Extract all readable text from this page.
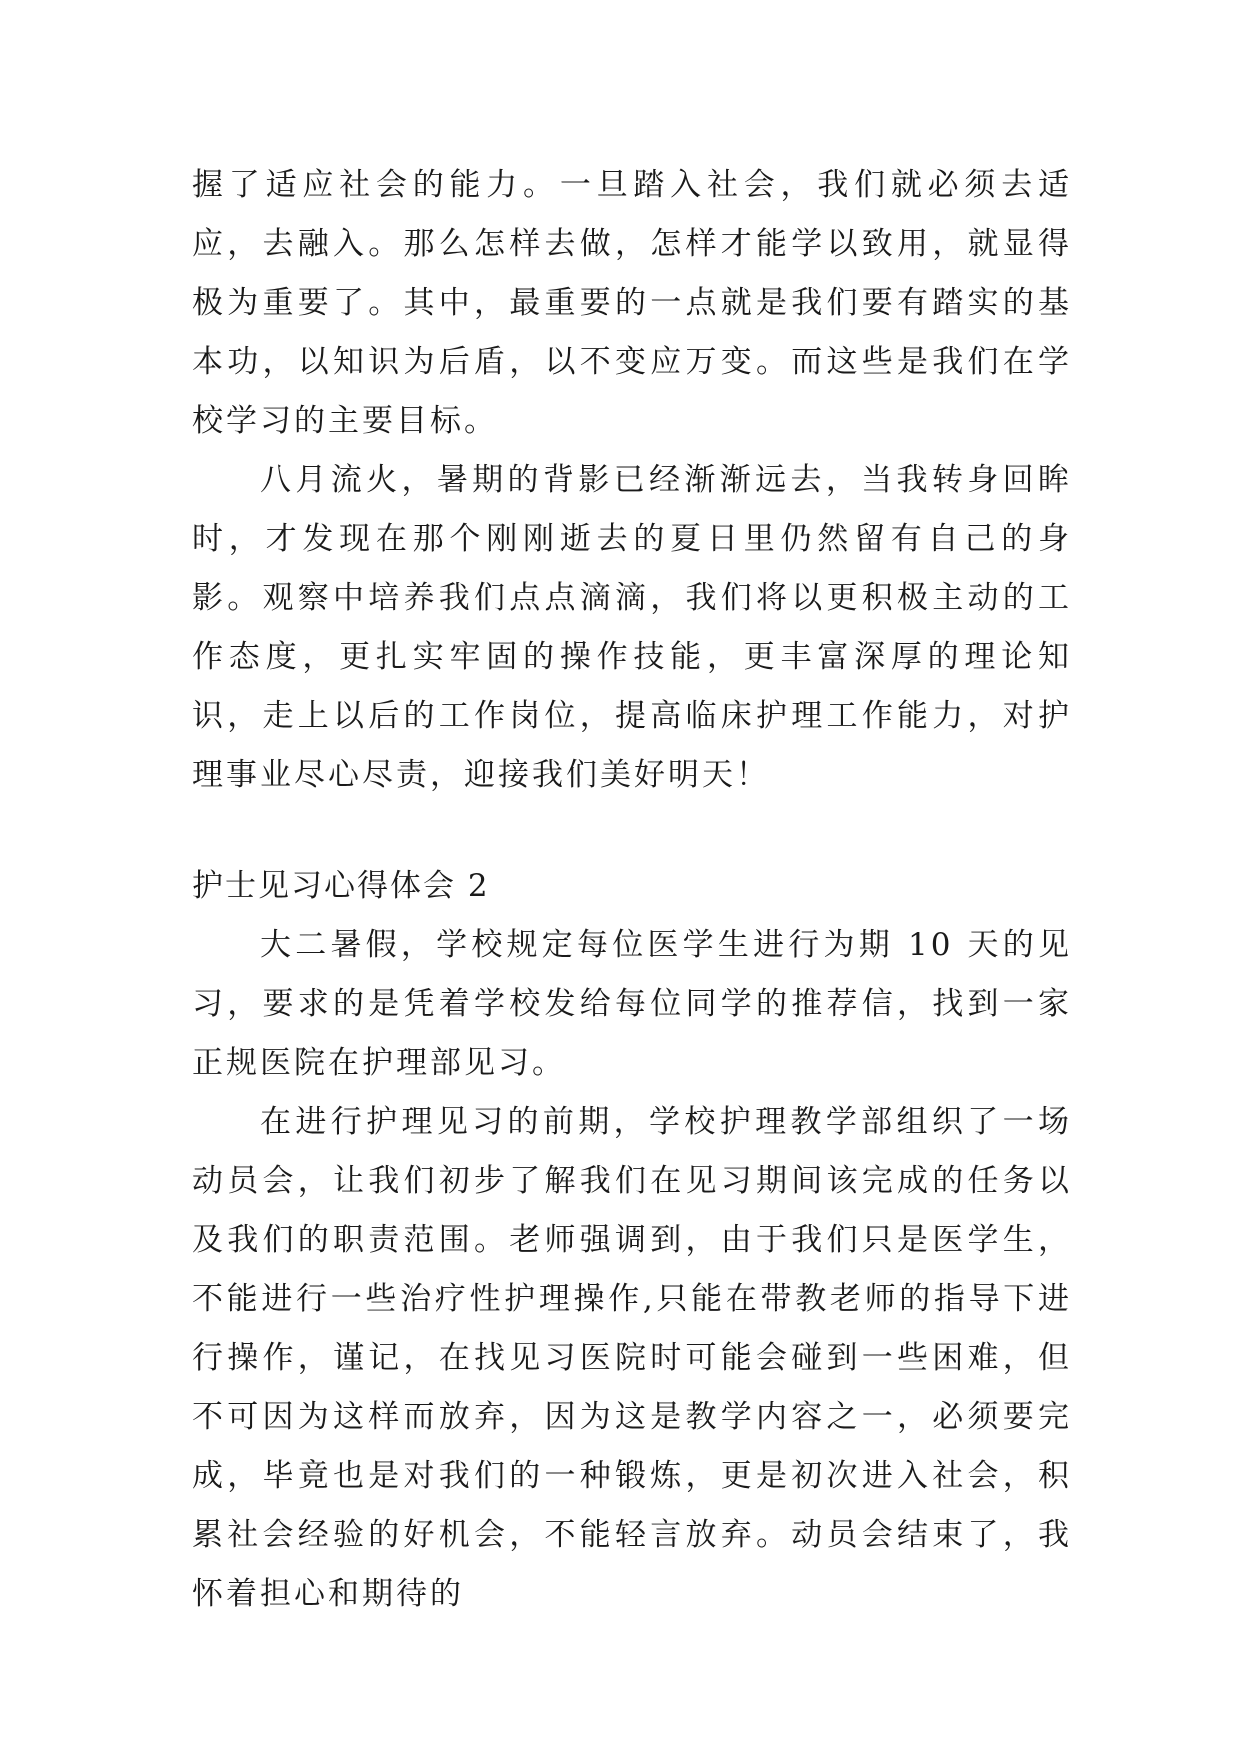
握了适应社会的能力。一旦踏入社会，我们就必须去适应，去融入。那么怎样去做，怎样才能学以致用，就显得极为重要了。其中，最重要的一点就是我们要有踏实的基本功，以知识为后盾，以不变应万变。而这些是我们在学校学习的主要目标。

八月流火，暑期的背影已经渐渐远去，当我转身回眸时，才发现在那个刚刚逝去的夏日里仍然留有自己的身影。观察中培养我们点点滴滴，我们将以更积极主动的工作态度，更扎实牢固的操作技能，更丰富深厚的理论知识，走上以后的工作岗位，提高临床护理工作能力，对护理事业尽心尽责，迎接我们美好明天！

护士见习心得体会 2

大二暑假，学校规定每位医学生进行为期 10 天的见习，要求的是凭着学校发给每位同学的推荐信，找到一家正规医院在护理部见习。

在进行护理见习的前期，学校护理教学部组织了一场动员会，让我们初步了解我们在见习期间该完成的任务以及我们的职责范围。老师强调到，由于我们只是医学生，不能进行一些治疗性护理操作,只能在带教老师的指导下进行操作，谨记，在找见习医院时可能会碰到一些困难，但不可因为这样而放弃，因为这是教学内容之一，必须要完成，毕竟也是对我们的一种锻炼，更是初次进入社会，积累社会经验的好机会，不能轻言放弃。动员会结束了，我怀着担心和期待的
